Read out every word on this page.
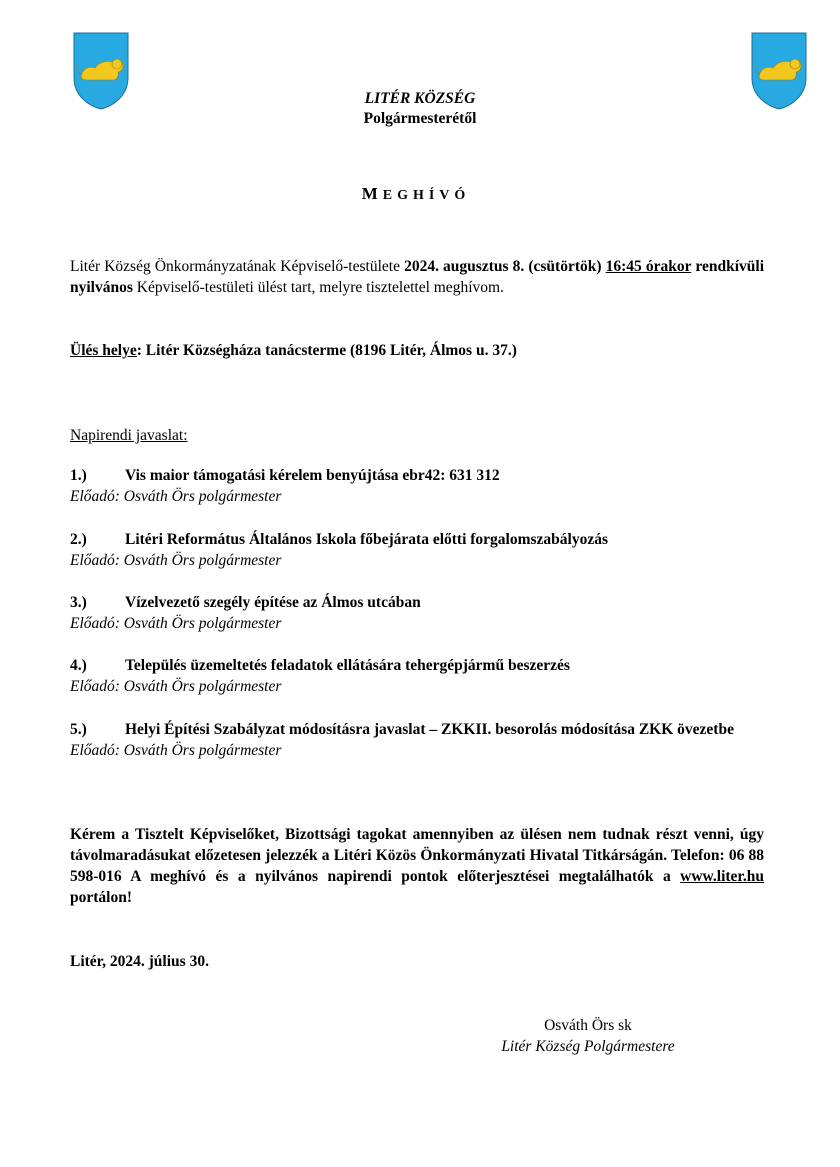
LITÉR KÖZSÉG
Polgármesterétől
MEGHÍVÓ

Litér Község Önkormányzatának Képviselő-testülete 2024. augusztus 8. (csütörtök) 16:45 órakor rendkívüli nyilvános Képviselő-testületi ülést tart, melyre tisztelettel meghívom.

Ülés helye: Litér Községháza tanácsterme (8196 Litér, Álmos u. 37.)

Napirendi javaslat:

1.) Vis maior támogatási kérelem benyújtása ebr42: 631 312

Előadó: Osváth Örs polgármester

2.) Litéri Református Általános Iskola főbejárata előtti forgalomszabályozás

Előadó: Osváth Örs polgármester

3.) Vízelvezető szegély építése az Álmos utcában

Előadó: Osváth Örs polgármester

4.) Település üzemeltetés feladatok ellátására tehergépjármű beszerzés

Előadó: Osváth Örs polgármester

5.) Helyi Építési Szabályzat módosításra javaslat – ZKKII. besorolás módosítása ZKK övezetbe

Előadó: Osváth Örs polgármester

Kérem a Tisztelt Képviselőket, Bizottsági tagokat amennyiben az ülésen nem tudnak részt venni, úgy távolmaradásukat előzetesen jelezzék a Litéri Közös Önkormányzati Hivatal Titkárságán. Telefon: 06 88 598-016 A meghívó és a nyilvános napirendi pontok előterjesztései megtalálhatók a www.liter.hu portálon!

Litér, 2024. július 30.

Osváth Örs sk
Litér Község Polgármestere
